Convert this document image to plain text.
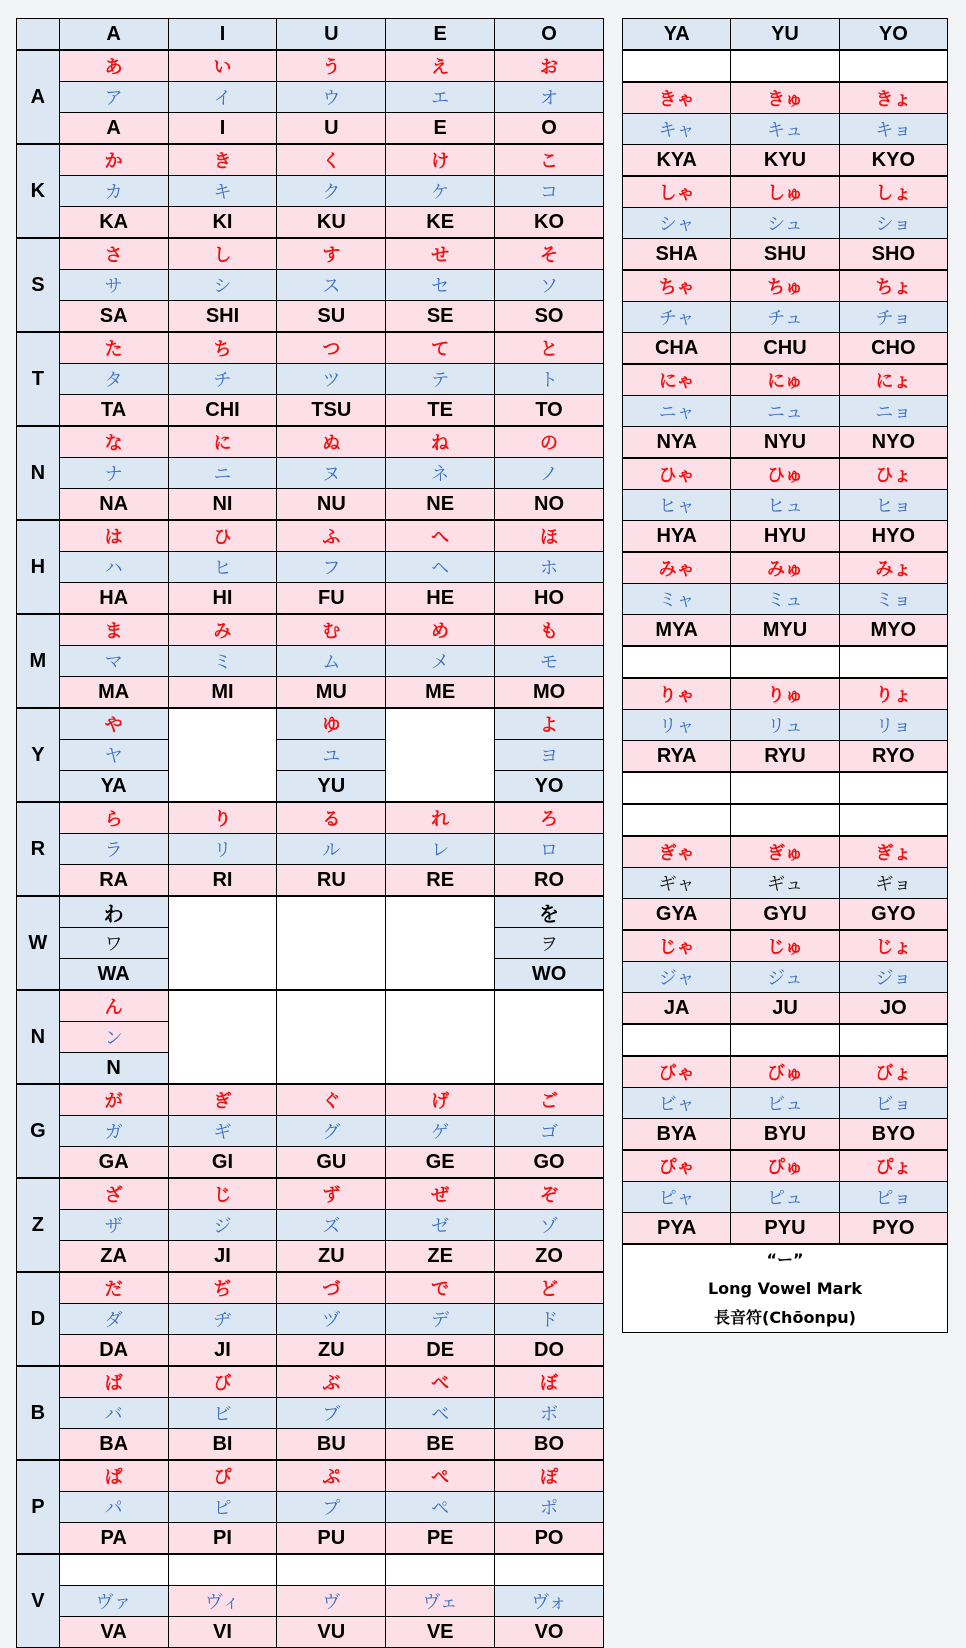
	A	I	U	E	O
A	あ	い	う	え	お
	ア	イ	ウ	エ	オ
	A	I	U	E	O
K	か	き	く	け	こ
	カ	キ	ク	ケ	コ
	KA	KI	KU	KE	KO
S	さ	し	す	せ	そ
	サ	シ	ス	セ	ソ
	SA	SHI	SU	SE	SO
T	た	ち	つ	て	と
	タ	チ	ツ	テ	ト
	TA	CHI	TSU	TE	TO
N	な	に	ぬ	ね	の
	ナ	ニ	ヌ	ネ	ノ
	NA	NI	NU	NE	NO
H	は	ひ	ふ	へ	ほ
	ハ	ヒ	フ	ヘ	ホ
	HA	HI	FU	HE	HO
M	ま	み	む	め	も
	マ	ミ	ム	メ	モ
	MA	MI	MU	ME	MO
Y	や		ゆ		よ
	ヤ		ユ		ヨ
	YA		YU		YO
R	ら	り	る	れ	ろ
	ラ	リ	ル	レ	ロ
	RA	RI	RU	RE	RO
W	わ				を
	ワ				ヲ
	WA				WO
N	ん				
	ン				
	N				
G	が	ぎ	ぐ	げ	ご
	ガ	ギ	グ	ゲ	ゴ
	GA	GI	GU	GE	GO
Z	ざ	じ	ず	ぜ	ぞ
	ザ	ジ	ズ	ゼ	ゾ
	ZA	JI	ZU	ZE	ZO
D	だ	ぢ	づ	で	ど
	ダ	ヂ	ヅ	デ	ド
	DA	JI	ZU	DE	DO
B	ば	び	ぶ	べ	ぼ
	バ	ビ	ブ	ベ	ボ
	BA	BI	BU	BE	BO
P	ぱ	ぴ	ぷ	ぺ	ぽ
	パ	ピ	プ	ペ	ポ
	PA	PI	PU	PE	PO
V					
	ヴァ	ヴィ	ヴ	ヴェ	ヴォ
	VA	VI	VU	VE	VO
YA	YU	YO

きゃ	きゅ	きょ
キャ	キュ	キョ
KYA	KYU	KYO
しゃ	しゅ	しょ
シャ	シュ	ショ
SHA	SHU	SHO
ちゃ	ちゅ	ちょ
チャ	チュ	チョ
CHA	CHU	CHO
にゃ	にゅ	にょ
ニャ	ニュ	ニョ
NYA	NYU	NYO
ひゃ	ひゅ	ひょ
ヒャ	ヒュ	ヒョ
HYA	HYU	HYO
みゃ	みゅ	みょ
ミャ	ミュ	ミョ
MYA	MYU	MYO

りゃ	りゅ	りょ
リャ	リュ	リョ
RYA	RYU	RYO

ぎゃ	ぎゅ	ぎょ
ギャ	ギュ	ギョ
GYA	GYU	GYO
じゃ	じゅ	じょ
ジャ	ジュ	ジョ
JA	JU	JO

びゃ	びゅ	びょ
ビャ	ビュ	ビョ
BYA	BYU	BYO
ぴゃ	ぴゅ	ぴょ
ピャ	ピュ	ピョ
PYA	PYU	PYO

“ー”
Long Vowel Mark
長音符(Chōonpu)		
